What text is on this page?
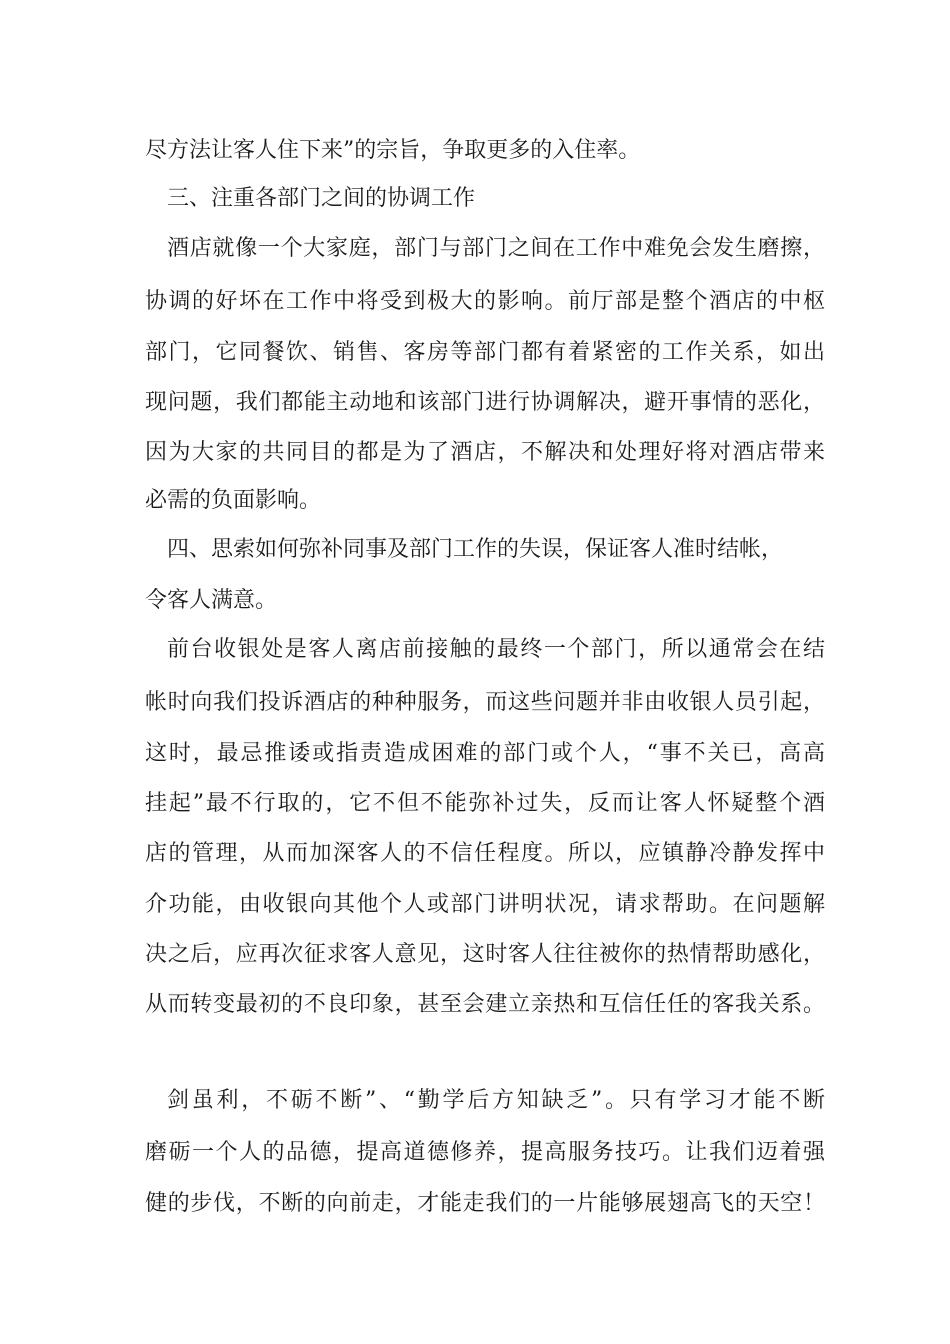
尽方法让客人住下来”的宗旨，争取更多的入住率。
三、注重各部门之间的协调工作
酒店就像一个大家庭，部门与部门之间在工作中难免会发生磨擦，
协调的好坏在工作中将受到极大的影响。前厅部是整个酒店的中枢
部门，它同餐饮、销售、客房等部门都有着紧密的工作关系，如出
现问题，我们都能主动地和该部门进行协调解决，避开事情的恶化，
因为大家的共同目的都是为了酒店，不解决和处理好将对酒店带来
必需的负面影响。
四、思索如何弥补同事及部门工作的失误，保证客人准时结帐，
令客人满意。
前台收银处是客人离店前接触的最终一个部门，所以通常会在结
帐时向我们投诉酒店的种种服务，而这些问题并非由收银人员引起，
这时，最忌推诿或指责造成困难的部门或个人，“事不关已，高高
挂起”最不行取的，它不但不能弥补过失，反而让客人怀疑整个酒
店的管理，从而加深客人的不信任程度。所以，应镇静冷静发挥中
介功能，由收银向其他个人或部门讲明状况，请求帮助。在问题解
决之后，应再次征求客人意见，这时客人往往被你的热情帮助感化，
从而转变最初的不良印象，甚至会建立亲热和互信任任的客我关系。
剑虽利，不砺不断”、“勤学后方知缺乏”。只有学习才能不断
磨砺一个人的品德，提高道德修养，提高服务技巧。让我们迈着强
健的步伐，不断的向前走，才能走我们的一片能够展翅高飞的天空！
